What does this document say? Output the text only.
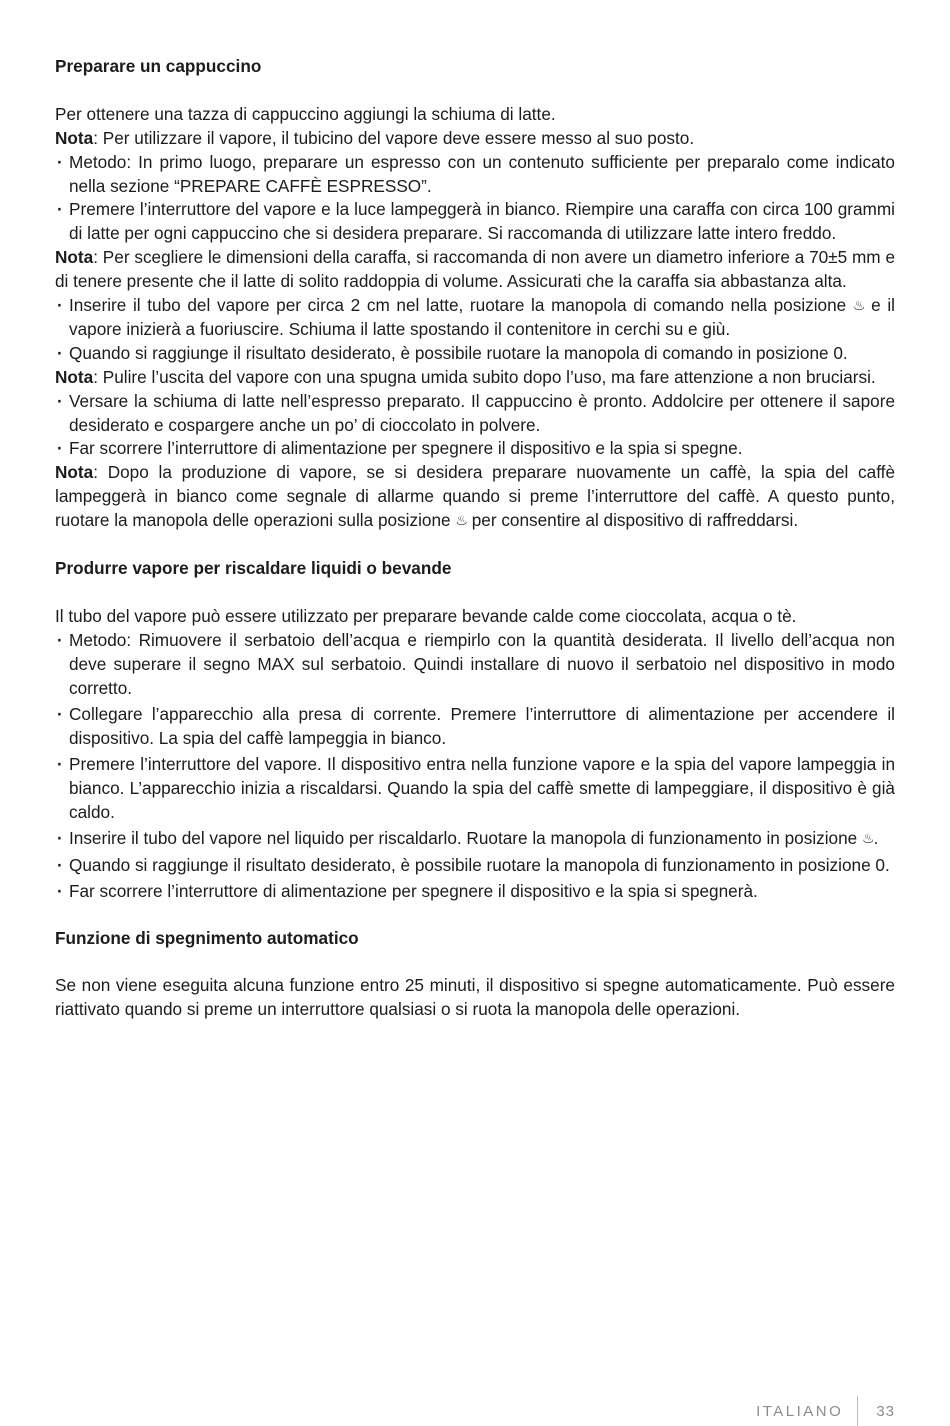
Preparare un cappuccino

Per ottenere una tazza di cappuccino aggiungi la schiuma di latte.

Nota: Per utilizzare il vapore, il tubicino del vapore deve essere messo al suo posto.

· Metodo: In primo luogo, preparare un espresso con un contenuto sufficiente per preparalo come indicato nella sezione “PREPARE CAFFÈ ESPRESSO”.
· Premere l’interruttore del vapore e la luce lampeggerà in bianco. Riempire una caraffa con circa 100 grammi di latte per ogni cappuccino che si desidera preparare. Si raccomanda di utilizzare latte intero freddo.

Nota: Per scegliere le dimensioni della caraffa, si raccomanda di non avere un diametro inferiore a 70±5 mm e di tenere presente che il latte di solito raddoppia di volume. Assicurati che la caraffa sia abbastanza alta.

· Inserire il tubo del vapore per circa 2 cm nel latte, ruotare la manopola di comando nella posizione ♨ e il vapore inizierà a fuoriuscire. Schiuma il latte spostando il contenitore in cerchi su e giù.
· Quando si raggiunge il risultato desiderato, è possibile ruotare la manopola di comando in posizione 0.

Nota: Pulire l’uscita del vapore con una spugna umida subito dopo l’uso, ma fare attenzione a non bruciarsi.

· Versare la schiuma di latte nell’espresso preparato. Il cappuccino è pronto. Addolcire per ottenere il sapore desiderato e cospargere anche un po’ di cioccolato in polvere.
· Far scorrere l’interruttore di alimentazione per spegnere il dispositivo e la spia si spegne.

Nota: Dopo la produzione di vapore, se si desidera preparare nuovamente un caffè, la spia del caffè lampeggerà in bianco come segnale di allarme quando si preme l’interruttore del caffè. A questo punto, ruotare la manopola delle operazioni sulla posizione ♨ per consentire al dispositivo di raffreddarsi.

Produrre vapore per riscaldare liquidi o bevande

Il tubo del vapore può essere utilizzato per preparare bevande calde come cioccolata, acqua o tè.

· Metodo: Rimuovere il serbatoio dell’acqua e riempirlo con la quantità desiderata. Il livello dell’acqua non deve superare il segno MAX sul serbatoio. Quindi installare di nuovo il serbatoio nel dispositivo in modo corretto.
· Collegare l’apparecchio alla presa di corrente. Premere l’interruttore di alimentazione per accendere il dispositivo. La spia del caffè lampeggia in bianco.
· Premere l’interruttore del vapore. Il dispositivo entra nella funzione vapore e la spia del vapore lampeggia in bianco. L’apparecchio inizia a riscaldarsi. Quando la spia del caffè smette di lampeggiare, il dispositivo è già caldo.
· Inserire il tubo del vapore nel liquido per riscaldarlo. Ruotare la manopola di funzionamento in posizione ♨.
· Quando si raggiunge il risultato desiderato, è possibile ruotare la manopola di funzionamento in posizione 0.
· Far scorrere l’interruttore di alimentazione per spegnere il dispositivo e la spia si spegnerà.
Funzione di spegnimento automatico

Se non viene eseguita alcuna funzione entro 25 minuti, il dispositivo si spegne automaticamente. Può essere riattivato quando si preme un interruttore qualsiasi o si ruota la manopola delle operazioni.

ITALIANO 33
